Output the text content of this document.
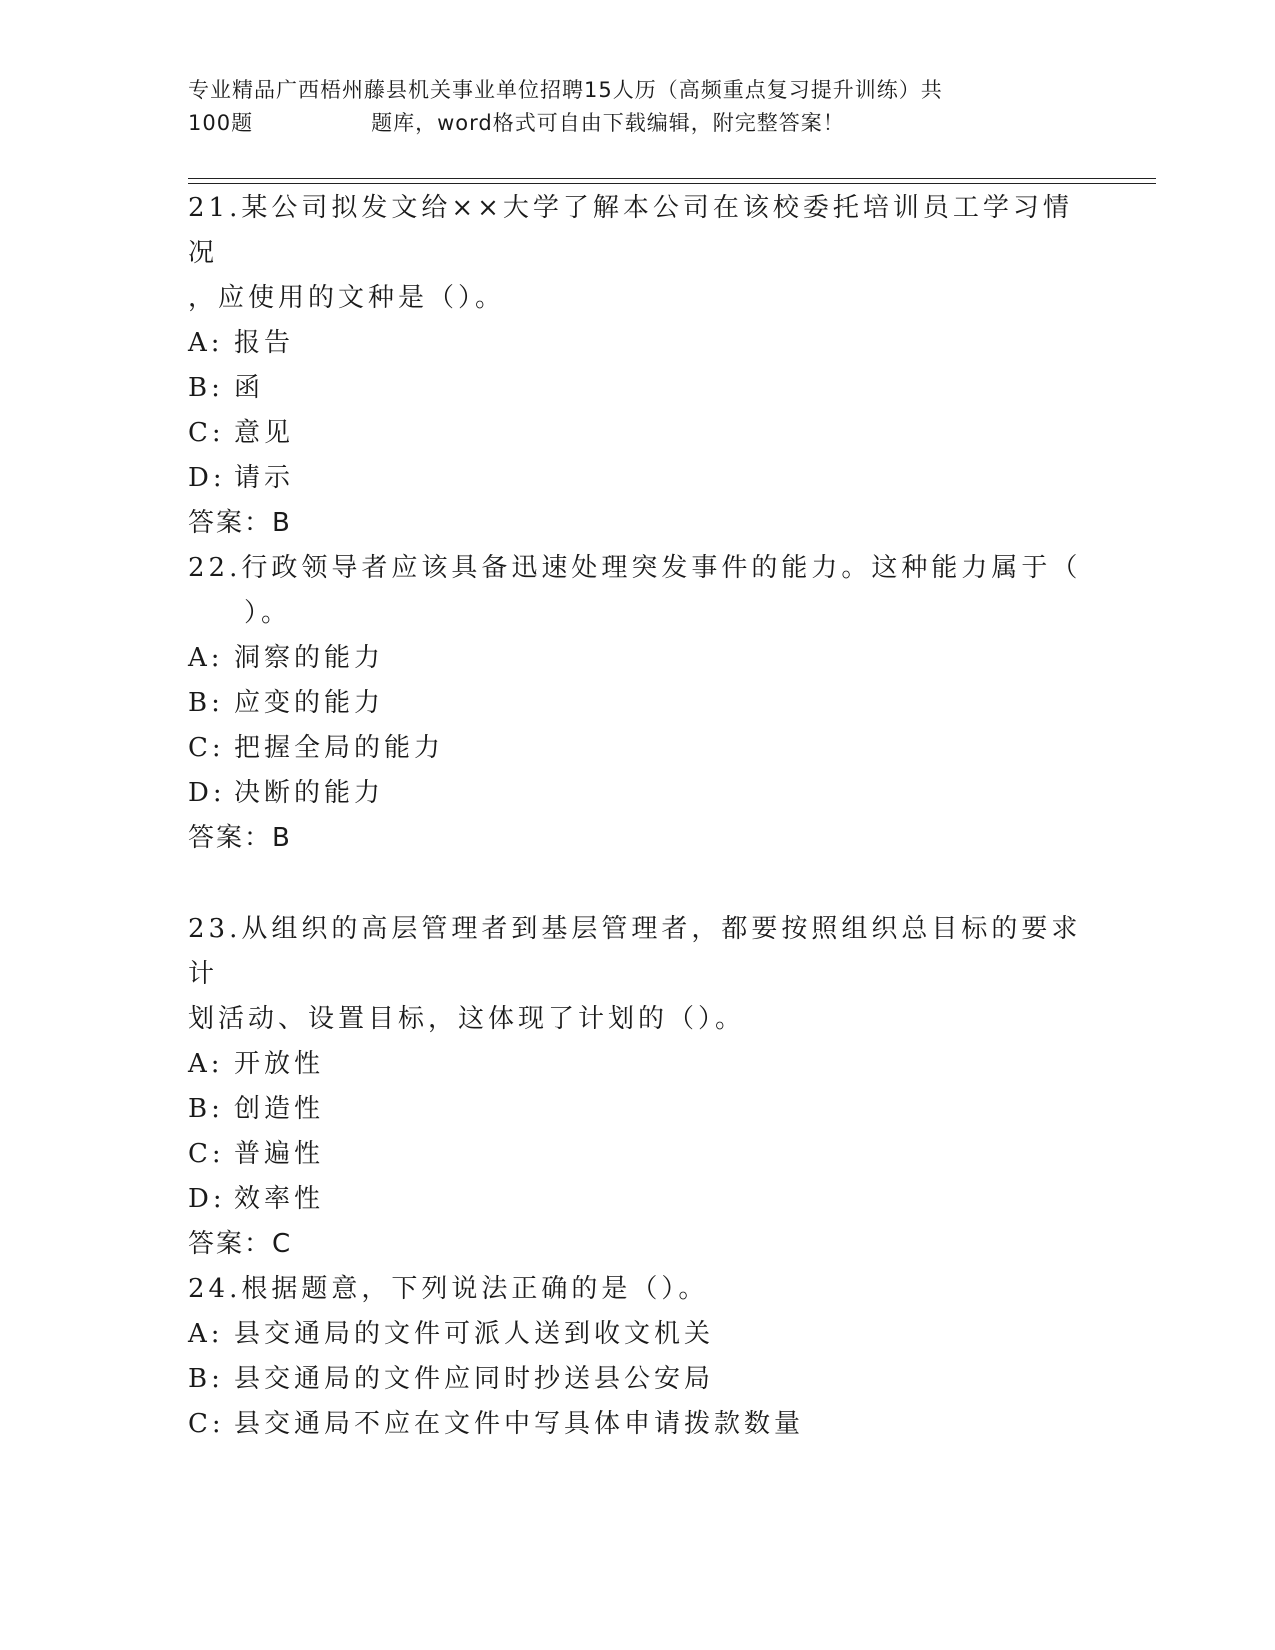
专业精品广西梧州藤县机关事业单位招聘15人历（高频重点复习提升训练）共
100题	题库，word格式可自由下载编辑，附完整答案！

21.某公司拟发文给××大学了解本公司在该校委托培训员工学习情况

，应使用的文种是（）。

A: 报告

B: 函

C: 意见

D: 请示

答案：B

22.行政领导者应该具备迅速处理突发事件的能力。这种能力属于（

）。

A: 洞察的能力

B: 应变的能力

C: 把握全局的能力

D: 决断的能力

答案：B

23.从组织的高层管理者到基层管理者，都要按照组织总目标的要求计

划活动、设置目标，这体现了计划的（）。

A: 开放性

B: 创造性

C: 普遍性

D: 效率性

答案：C

24.根据题意，下列说法正确的是（）。

A: 县交通局的文件可派人送到收文机关

B: 县交通局的文件应同时抄送县公安局

C: 县交通局不应在文件中写具体申请拨款数量
